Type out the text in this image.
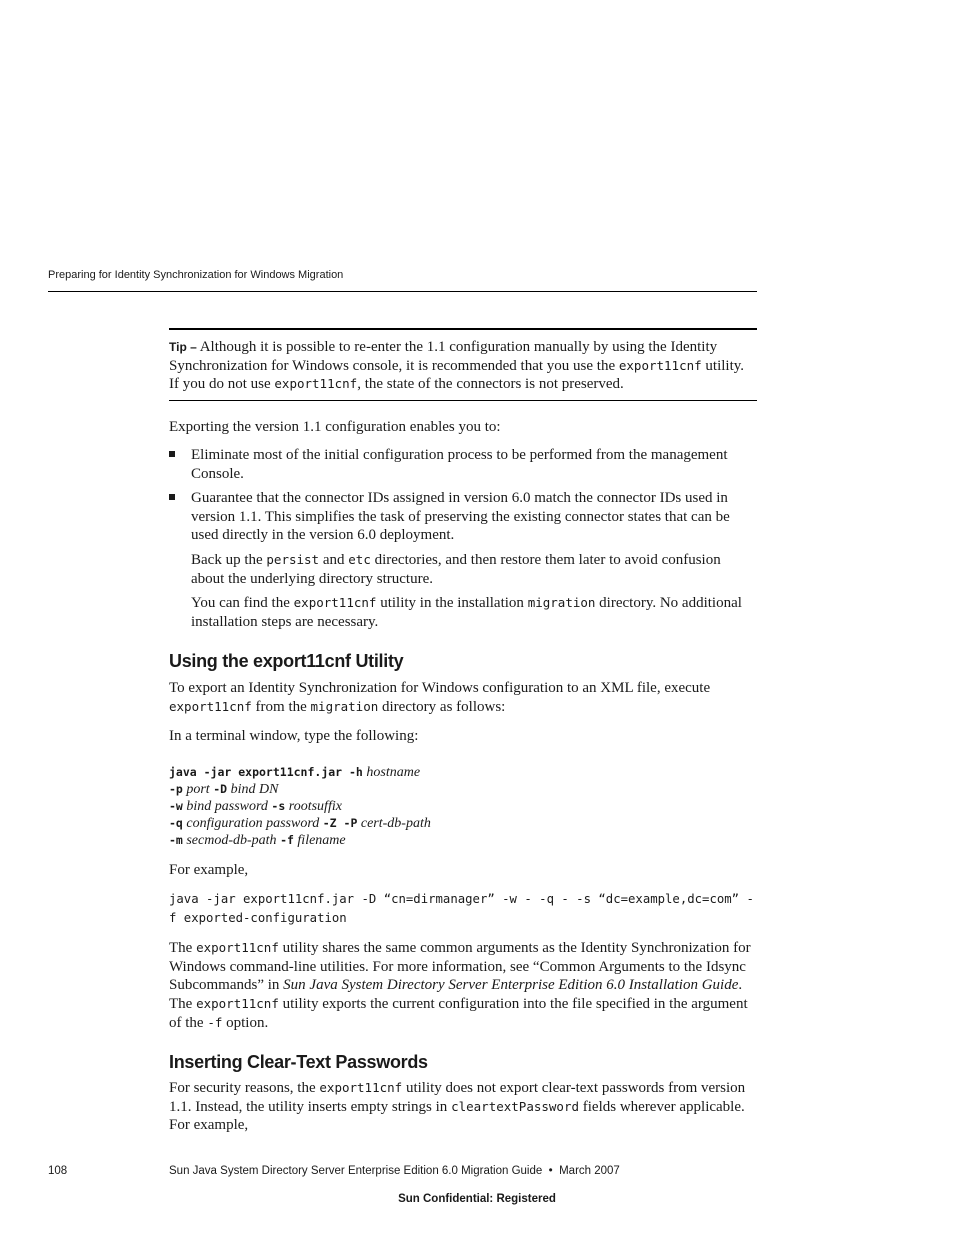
Preparing for Identity Synchronization for Windows Migration
Tip – Although it is possible to re-enter the 1.1 configuration manually by using the Identity Synchronization for Windows console, it is recommended that you use the export11cnf utility. If you do not use export11cnf, the state of the connectors is not preserved.
Exporting the version 1.1 configuration enables you to:
Eliminate most of the initial configuration process to be performed from the management Console.
Guarantee that the connector IDs assigned in version 6.0 match the connector IDs used in version 1.1. This simplifies the task of preserving the existing connector states that can be used directly in the version 6.0 deployment.
Back up the persist and etc directories, and then restore them later to avoid confusion about the underlying directory structure.
You can find the export11cnf utility in the installation migration directory. No additional installation steps are necessary.
Using the export11cnf Utility
To export an Identity Synchronization for Windows configuration to an XML file, execute export11cnf from the migration directory as follows:
In a terminal window, type the following:
java -jar export11cnf.jar -h hostname
-p port -D bind DN
-w bind password -s rootsuffix
-q configuration password -Z -P cert-db-path
-m secmod-db-path -f filename
For example,
java -jar export11cnf.jar -D “cn=dirmanager” -w - -q - -s “dc=example,dc=com” -f exported-configuration
The export11cnf utility shares the same common arguments as the Identity Synchronization for Windows command-line utilities. For more information, see “Common Arguments to the Idsync Subcommands” in Sun Java System Directory Server Enterprise Edition 6.0 Installation Guide. The export11cnf utility exports the current configuration into the file specified in the argument of the -f option.
Inserting Clear-Text Passwords
For security reasons, the export11cnf utility does not export clear-text passwords from version 1.1. Instead, the utility inserts empty strings in cleartextPassword fields wherever applicable. For example,
108	Sun Java System Directory Server Enterprise Edition 6.0 Migration Guide • March 2007
Sun Confidential: Registered
